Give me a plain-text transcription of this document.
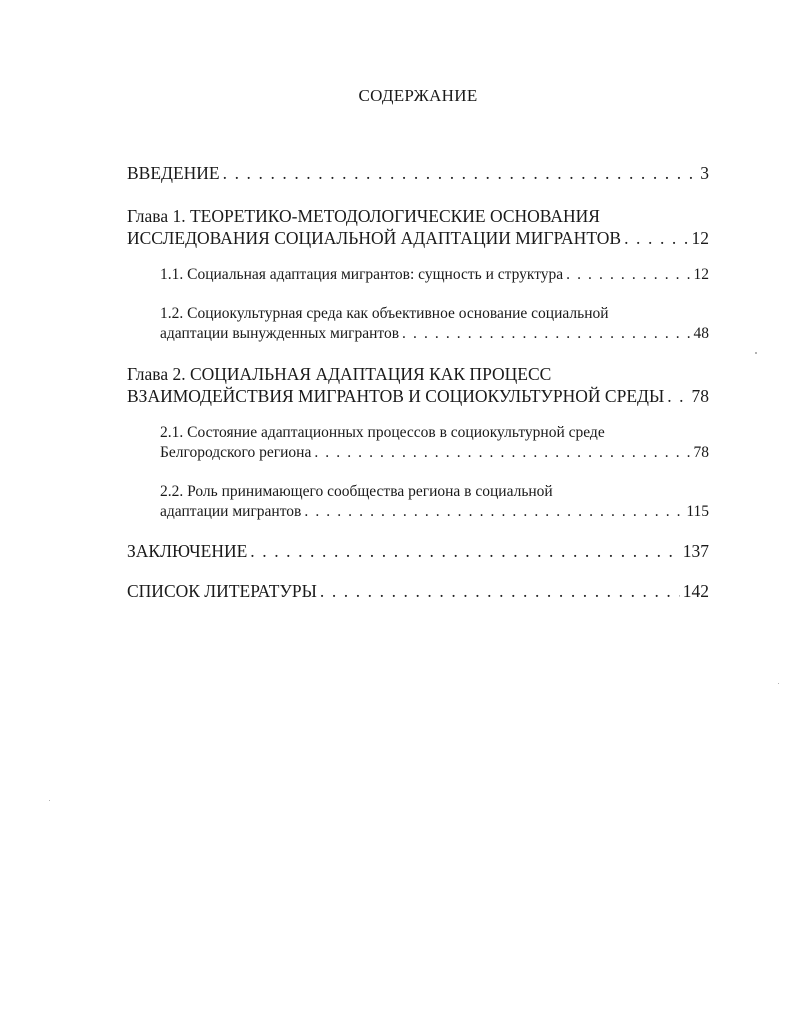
СОДЕРЖАНИЕ
ВВЕДЕНИЕ . . .	3
Глава 1. ТЕОРЕТИКО-МЕТОДОЛОГИЧЕСКИЕ ОСНОВАНИЯ
ИССЛЕДОВАНИЯ СОЦИАЛЬНОЙ АДАПТАЦИИ МИГРАНТОВ . . .	12
1.1. Социальная адаптация мигрантов: сущность и структура . . .	12
1.2. Социокультурная среда как объективное основание социальной
адаптации вынужденных мигрантов . . .	48
Глава 2. СОЦИАЛЬНАЯ АДАПТАЦИЯ КАК ПРОЦЕСС
ВЗАИМОДЕЙСТВИЯ МИГРАНТОВ И СОЦИОКУЛЬТУРНОЙ СРЕДЫ . . . 78
2.1. Состояние адаптационных процессов в социокультурной среде
Белгородского региона . . .	78
2.2. Роль принимающего сообщества региона в социальной
адаптации мигрантов . . .	115
ЗАКЛЮЧЕНИЕ . . .	137
СПИСОК ЛИТЕРАТУРЫ . . .	142
